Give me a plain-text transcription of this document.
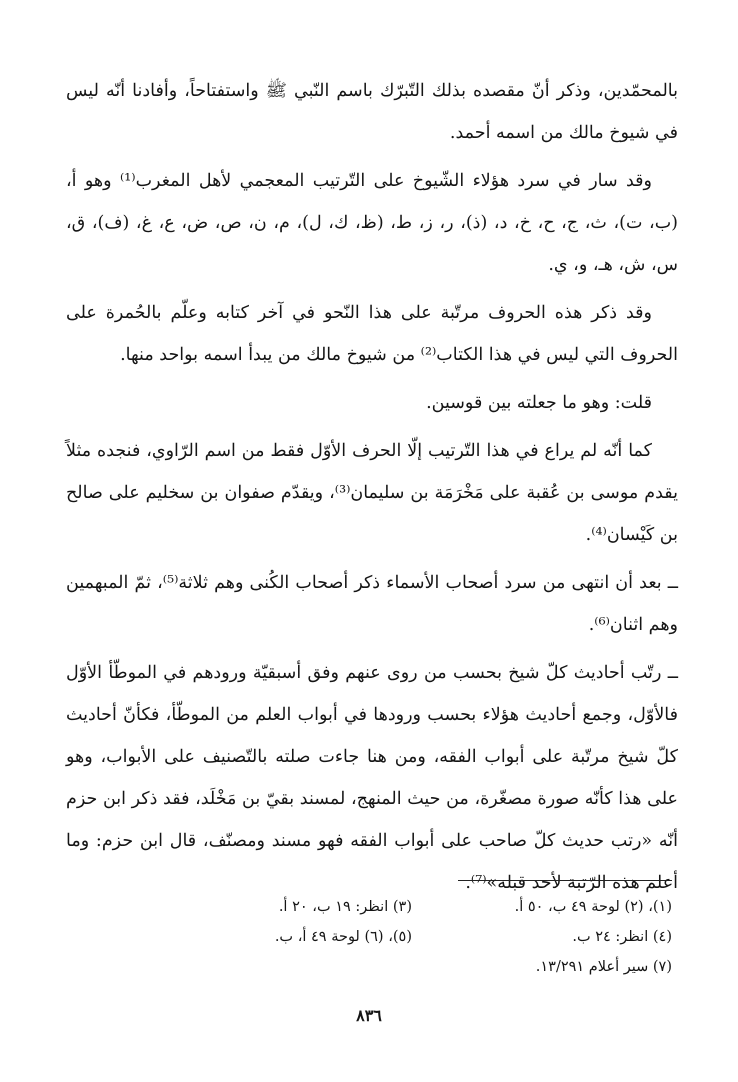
بالمحمّدين، وذكر أنّ مقصده بذلك التّبرّك باسم النّبي ﷺ واستفتاحاً، وأفادنا أنّه ليس في شيوخ مالك من اسمه أحمد.

وقد سار في سرد هؤلاء الشّيوخ على التّرتيب المعجمي لأهل المغرب⁽¹⁾ وهو أ، (ب، ت)، ث، ج، ح، خ، د، (ذ)، ر، ز، ط، (ظ، ك، ل)، م، ن، ص، ض، ع، غ، (ف)، ق، س، ش، هـ، و، ي.

وقد ذكر هذه الحروف مرتّبة على هذا النّحو في آخر كتابه وعلّم بالحُمرة على الحروف التي ليس في هذا الكتاب⁽²⁾ من شيوخ مالك من يبدأ اسمه بواحد منها.

قلت: وهو ما جعلته بين قوسين.

كما أنّه لم يراع في هذا التّرتيب إلّا الحرف الأوّل فقط من اسم الرّاوي، فنجده مثلاً يقدم موسى بن عُقبة على مَخْرَمَة بن سليمان⁽³⁾، ويقدّم صفوان بن سخليم على صالح بن كَيْسان⁽⁴⁾.

ــ بعد أن انتهى من سرد أصحاب الأسماء ذكر أصحاب الكُنى وهم ثلاثة⁽⁵⁾، ثمّ المبهمين وهم اثنان⁽⁶⁾.

ــ رتّب أحاديث كلّ شيخ بحسب من روى عنهم وفق أسبقيّة ورودهم في الموطّأ الأوّل فالأوّل، وجمع أحاديث هؤلاء بحسب ورودها في أبواب العلم من الموطّأ، فكأنّ أحاديث كلّ شيخ مرتّبة على أبواب الفقه، ومن هنا جاءت صلته بالتّصنيف على الأبواب، وهو على هذا كأنّه صورة مصغّرة، من حيث المنهج، لمسند بقيّ بن مَخْلَد، فقد ذكر ابن حزم أنّه «رتب حديث كلّ صاحب على أبواب الفقه فهو مسند ومصنّف، قال ابن حزم: وما أعلم هذه الرّتبة لأحد قبله»⁽⁷⁾.

(١)، (٢) لوحة ٤٩ ب، ٥٠ أ.
(٣) انظر: ١٩ ب، ٢٠ أ.
(٤) انظر: ٢٤ ب.
(٥)، (٦) لوحة ٤٩ أ، ب.
(٧) سير أعلام ١٣/٢٩١.
٨٣٦
